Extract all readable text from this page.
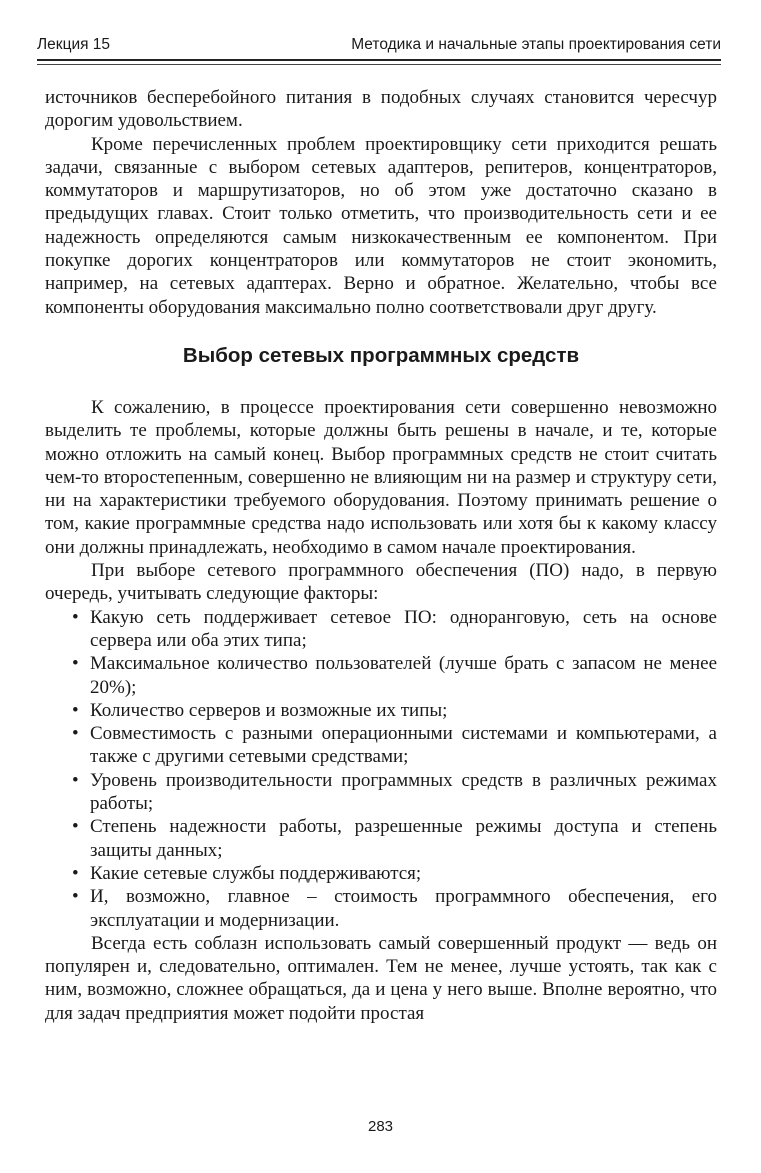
Лекция 15	Методика и начальные этапы проектирования сети

источников бесперебойного питания в подобных случаях становится чересчур дорогим удовольствием.

Кроме перечисленных проблем проектировщику сети приходится решать задачи, связанные с выбором сетевых адаптеров, репитеров, концентраторов, коммутаторов и маршрутизаторов, но об этом уже достаточно сказано в предыдущих главах. Стоит только отметить, что производительность сети и ее надежность определяются самым низкокачественным ее компонентом. При покупке дорогих концентраторов или коммутаторов не стоит экономить, например, на сетевых адаптерах. Верно и обратное. Желательно, чтобы все компоненты оборудования максимально полно соответствовали друг другу.

Выбор сетевых программных средств

К сожалению, в процессе проектирования сети совершенно невозможно выделить те проблемы, которые должны быть решены в начале, и те, которые можно отложить на самый конец. Выбор программных средств не стоит считать чем-то второстепенным, совершенно не влияющим ни на размер и структуру сети, ни на характеристики требуемого оборудования. Поэтому принимать решение о том, какие программные средства надо использовать или хотя бы к какому классу они должны принадлежать, необходимо в самом начале проектирования.

При выборе сетевого программного обеспечения (ПО) надо, в первую очередь, учитывать следующие факторы:

• Какую сеть поддерживает сетевое ПО: одноранговую, сеть на основе сервера или оба этих типа;
• Максимальное количество пользователей (лучше брать с запасом не менее 20%);
• Количество серверов и возможные их типы;
• Совместимость с разными операционными системами и компьютерами, а также с другими сетевыми средствами;
• Уровень производительности программных средств в различных режимах работы;
• Степень надежности работы, разрешенные режимы доступа и степень защиты данных;
• Какие сетевые службы поддерживаются;
• И, возможно, главное – стоимость программного обеспечения, его эксплуатации и модернизации.

Всегда есть соблазн использовать самый совершенный продукт — ведь он популярен и, следовательно, оптимален. Тем не менее, лучше устоять, так как с ним, возможно, сложнее обращаться, да и цена у него выше. Вполне вероятно, что для задач предприятия может подойти простая

283
